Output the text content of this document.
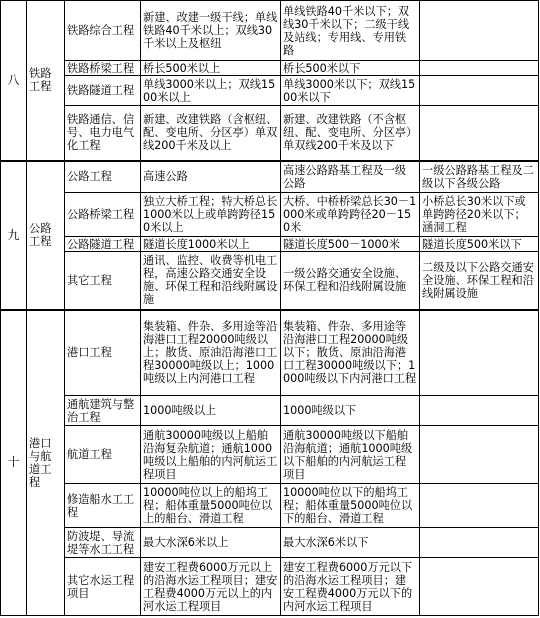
八	铁路工程	铁路综合工程	新建、改建一级干线；单线铁路40千米以上；双线30千米以上及枢纽	单线铁路40千米以下；双线30千米以下；二级干线及站线；专用线、专用铁路	
		铁路桥梁工程	桥长500米以上	桥长500米以下	
		铁路隧道工程	单线3000米以上；双线1500米以上	单线3000米以下；双线1500米以下	
		铁路通信、信号、电力电气化工程	新建、改建铁路（含枢纽、配、变电所、分区亭）单双线200千米及以上	新建、改建铁路（不含枢纽、配、变电所、分区亭）单双线200千米及以下	
九	公路工程	公路工程	高速公路	高速公路路基工程及一级公路	一级公路路基工程及二级以下各级公路
		公路桥梁工程	独立大桥工程；特大桥总长1000米以上或单跨跨径150米以上	大桥、中桥桥梁总长30－1000米或单跨跨径20－150米	小桥总长30米以下或单跨跨径20米以下；涵洞工程
		公路隧道工程	隧道长度1000米以上	隧道长度500－1000米	隧道长度500米以下
		其它工程	通讯、监控、收费等机电工程，高速公路交通安全设施、环保工程和沿线附属设施	一级公路交通安全设施、环保工程和沿线附属设施	二级及以下公路交通安全设施、环保工程和沿线附属设施
十	港口与航道工程	港口工程	集装箱、件杂、多用途等沿海港口工程20000吨级以上；散货、原油沿海港口工程30000吨级以上；1000吨级以上内河港口工程	集装箱、件杂、多用途等沿海港口工程20000吨级以下；散货、原油沿海港口工程30000吨级以下；1000吨级以下内河港口工程	
		通航建筑与整治工程	1000吨级以上	1000吨级以下	
		航道工程	通航30000吨级以上船舶沿海复杂航道；通航1000吨级以上船舶的内河航运工程项目	通航30000吨级以下船舶沿海航道；通航1000吨级以下船舶的内河航运工程项目	
		修造船水工工程	10000吨位以上的船坞工程；船体重量5000吨位以上的船台、滑道工程	10000吨位以下的船坞工程；船体重量5000吨位以下的船台、滑道工程	
		防波堤、导流堤等水工工程	最大水深6米以上	最大水深6米以下	
		其它水运工程项目	建安工程费6000万元以上的沿海水运工程项目；建安工程费4000万元以上的内河水运工程项目	建安工程费6000万元以下的沿海水运工程项目；建安工程费4000万元以下的内河水运工程项目	
